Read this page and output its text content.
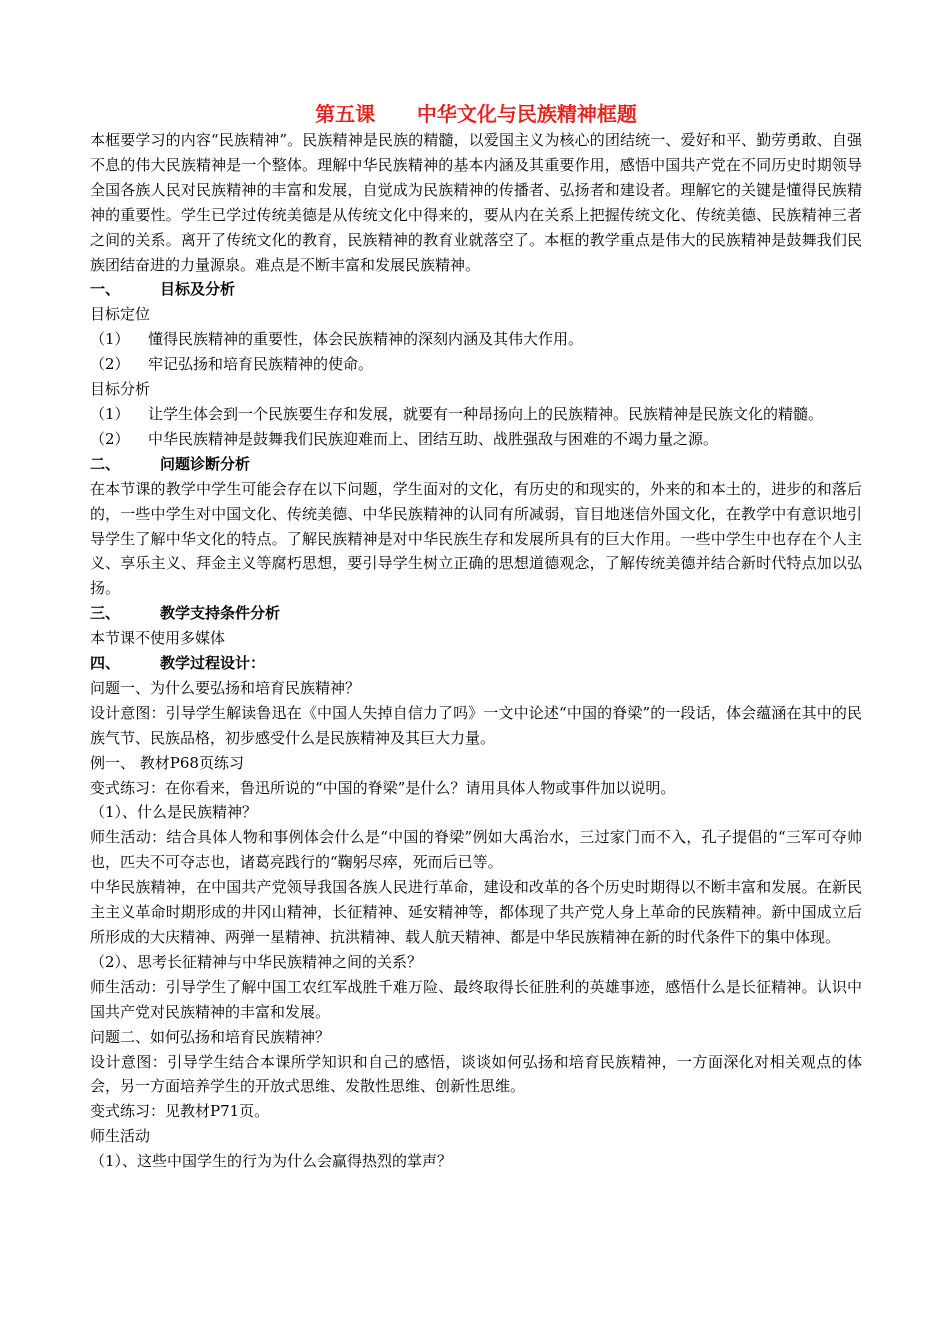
第五课      中华文化与民族精神框题

本框要学习的内容“民族精神”。民族精神是民族的精髓，以爱国主义为核心的团结统一、爱好和平、勤劳勇敢、自强不息的伟大民族精神是一个整体。理解中华民族精神的基本内涵及其重要作用，感悟中国共产党在不同历史时期领导全国各族人民对民族精神的丰富和发展，自觉成为民族精神的传播者、弘扬者和建设者。理解它的关键是懂得民族精神的重要性。学生已学过传统美德是从传统文化中得来的，要从内在关系上把握传统文化、传统美德、民族精神三者之间的关系。离开了传统文化的教育，民族精神的教育业就落空了。本框的教学重点是伟大的民族精神是鼓舞我们民族团结奋进的力量源泉。难点是不断丰富和发展民族精神。

一、	目标及分析
目标定位
（1）	懂得民族精神的重要性，体会民族精神的深刻内涵及其伟大作用。
（2）	牢记弘扬和培育民族精神的使命。
目标分析
（1）	让学生体会到一个民族要生存和发展，就要有一种昂扬向上的民族精神。民族精神是民族文化的精髓。
（2）	中华民族精神是鼓舞我们民族迎难而上、团结互助、战胜强敌与困难的不竭力量之源。
二、	问题诊断分析

在本节课的教学中学生可能会存在以下问题，学生面对的文化，有历史的和现实的，外来的和本土的，进步的和落后的，一些中学生对中国文化、传统美德、中华民族精神的认同有所减弱，盲目地迷信外国文化，在教学中有意识地引导学生了解中华文化的特点。了解民族精神是对中华民族生存和发展所具有的巨大作用。一些中学生中也存在个人主义、享乐主义、拜金主义等腐朽思想，要引导学生树立正确的思想道德观念，了解传统美德并结合新时代特点加以弘扬。

三、	教学支持条件分析

本节课不使用多媒体

四、	教学过程设计：

问题一、为什么要弘扬和培育民族精神？

设计意图：引导学生解读鲁迅在《中国人失掉自信力了吗》一文中论述“中国的脊梁”的一段话，体会蕴涵在其中的民族气节、民族品格，初步感受什么是民族精神及其巨大力量。

例一、 教材P68页练习

变式练习：在你看来，鲁迅所说的“中国的脊梁”是什么？请用具体人物或事件加以说明。

（1）、什么是民族精神？

师生活动：结合具体人物和事例体会什么是“中国的脊梁”例如大禹治水，三过家门而不入，孔子提倡的“三军可夺帅也，匹夫不可夺志也，诸葛亮践行的“鞠躬尽瘁，死而后已等。

中华民族精神，在中国共产党领导我国各族人民进行革命，建设和改革的各个历史时期得以不断丰富和发展。在新民主主义革命时期形成的井冈山精神，长征精神、延安精神等，都体现了共产党人身上革命的民族精神。新中国成立后所形成的大庆精神、两弹一星精神、抗洪精神、载人航天精神、都是中华民族精神在新的时代条件下的集中体现。

（2）、思考长征精神与中华民族精神之间的关系？

师生活动：引导学生了解中国工农红军战胜千难万险、最终取得长征胜利的英雄事迹，感悟什么是长征精神。认识中国共产党对民族精神的丰富和发展。

问题二、如何弘扬和培育民族精神？

设计意图：引导学生结合本课所学知识和自己的感悟，谈谈如何弘扬和培育民族精神，一方面深化对相关观点的体会，另一方面培养学生的开放式思维、发散性思维、创新性思维。

变式练习：见教材P71页。

师生活动

（1）、这些中国学生的行为为什么会赢得热烈的掌声？
